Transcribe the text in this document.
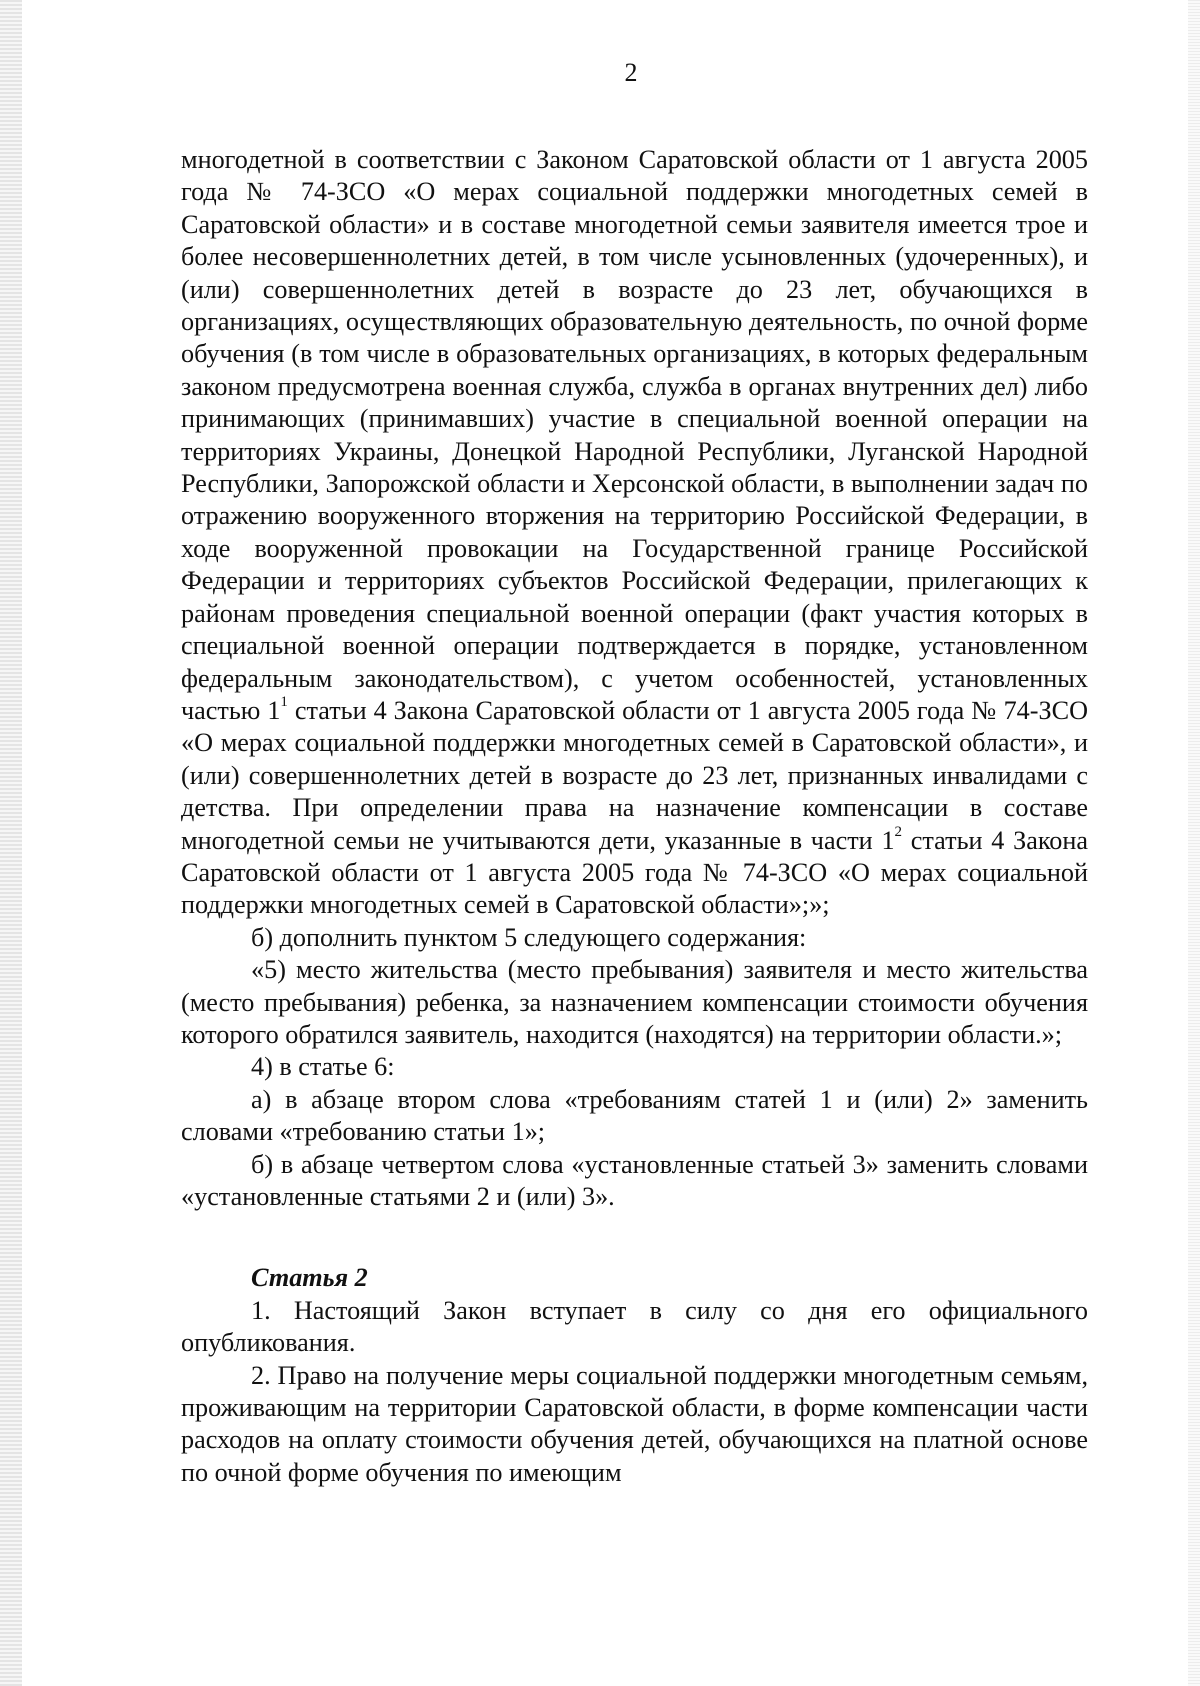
2

многодетной в соответствии с Законом Саратовской области от 1 августа 2005 года № 74-ЗСО «О мерах социальной поддержки многодетных семей в Саратовской области» и в составе многодетной семьи заявителя имеется трое и более несовершеннолетних детей, в том числе усыновленных (удочеренных), и (или) совершеннолетних детей в возрасте до 23 лет, обучающихся в организациях, осуществляющих образовательную деятельность, по очной форме обучения (в том числе в образовательных организациях, в которых федеральным законом предусмотрена военная служба, служба в органах внутренних дел) либо принимающих (принимавших) участие в специальной военной операции на территориях Украины, Донецкой Народной Республики, Луганской Народной Республики, Запорожской области и Херсонской области, в выполнении задач по отражению вооруженного вторжения на территорию Российской Федерации, в ходе вооруженной провокации на Государственной границе Российской Федерации и территориях субъектов Российской Федерации, прилегающих к районам проведения специальной военной операции (факт участия которых в специальной военной операции подтверждается в порядке, установленном федеральным законодательством), с учетом особенностей, установленных частью $1^1$ статьи 4 Закона Саратовской области от 1 августа 2005 года № 74-ЗСО «О мерах социальной поддержки многодетных семей в Саратовской области», и (или) совершеннолетних детей в возрасте до 23 лет, признанных инвалидами с детства. При определении права на назначение компенсации в составе многодетной семьи не учитываются дети, указанные в части $1^2$ статьи 4 Закона Саратовской области от 1 августа 2005 года № 74-ЗСО «О мерах социальной поддержки многодетных семей в Саратовской области»;»;

б) дополнить пунктом 5 следующего содержания:

«5) место жительства (место пребывания) заявителя и место жительства (место пребывания) ребенка, за назначением компенсации стоимости обучения которого обратился заявитель, находится (находятся) на территории области.»;

4) в статье 6:

а) в абзаце втором слова «требованиям статей 1 и (или) 2» заменить словами «требованию статьи 1»;

б) в абзаце четвертом слова «установленные статьей 3» заменить словами «установленные статьями 2 и (или) 3».

Статья 2

1. Настоящий Закон вступает в силу со дня его официального опубликования.

2. Право на получение меры социальной поддержки многодетным семьям, проживающим на территории Саратовской области, в форме компенсации части расходов на оплату стоимости обучения детей, обучающихся на платной основе по очной форме обучения по имеющим
